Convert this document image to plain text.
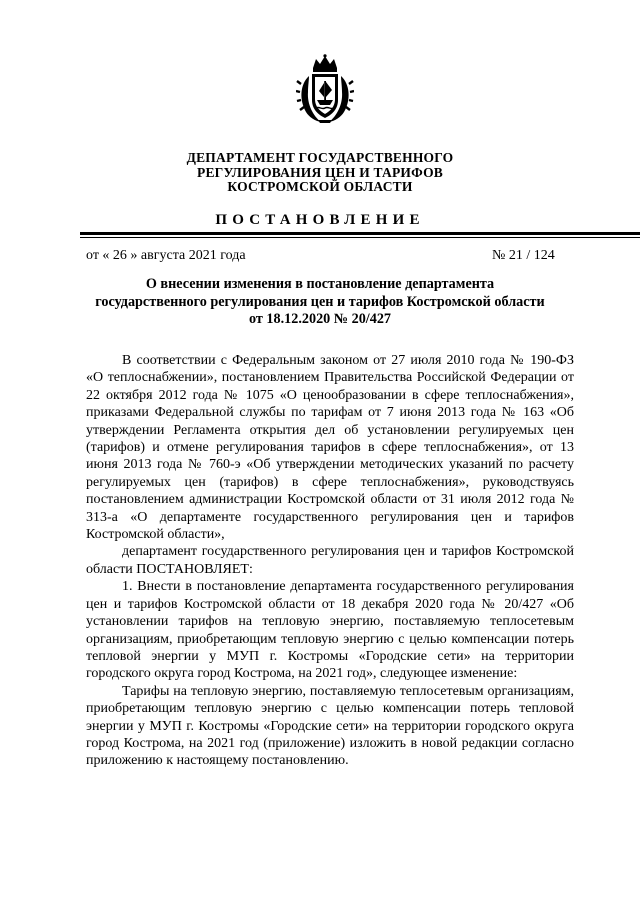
ДЕПАРТАМЕНТ ГОСУДАРСТВЕННОГО
РЕГУЛИРОВАНИЯ ЦЕН И ТАРИФОВ
КОСТРОМСКОЙ ОБЛАСТИ
ПОСТАНОВЛЕНИЕ
от « 26 » августа 2021 года	№ 21 / 124
О внесении изменения в постановление департамента
государственного регулирования цен и тарифов Костромской области
от 18.12.2020 № 20/427

В соответствии с Федеральным законом от 27 июля 2010 года № 190-ФЗ «О теплоснабжении», постановлением Правительства Российской Федерации от 22 октября 2012 года № 1075 «О ценообразовании в сфере теплоснабжения», приказами Федеральной службы по тарифам от 7 июня 2013 года № 163 «Об утверждении Регламента открытия дел об установлении регулируемых цен (тарифов) и отмене регулирования тарифов в сфере теплоснабжения», от 13 июня 2013 года № 760-э «Об утверждении методических указаний по расчету регулируемых цен (тарифов) в сфере теплоснабжения», руководствуясь постановлением администрации Костромской области от 31 июля 2012 года № 313-а «О департаменте государственного регулирования цен и тарифов Костромской области»,

департамент государственного регулирования цен и тарифов Костромской области ПОСТАНОВЛЯЕТ:

1. Внести в постановление департамента государственного регулирования цен и тарифов Костромской области от 18 декабря 2020 года № 20/427 «Об установлении тарифов на тепловую энергию, поставляемую теплосетевым организациям, приобретающим тепловую энергию с целью компенсации потерь тепловой энергии у МУП г. Костромы «Городские сети» на территории городского округа город Кострома, на 2021 год», следующее изменение:

Тарифы на тепловую энергию, поставляемую теплосетевым организациям, приобретающим тепловую энергию с целью компенсации потерь тепловой энергии у МУП г. Костромы «Городские сети» на территории городского округа город Кострома, на 2021 год (приложение) изложить в новой редакции согласно приложению к настоящему постановлению.
